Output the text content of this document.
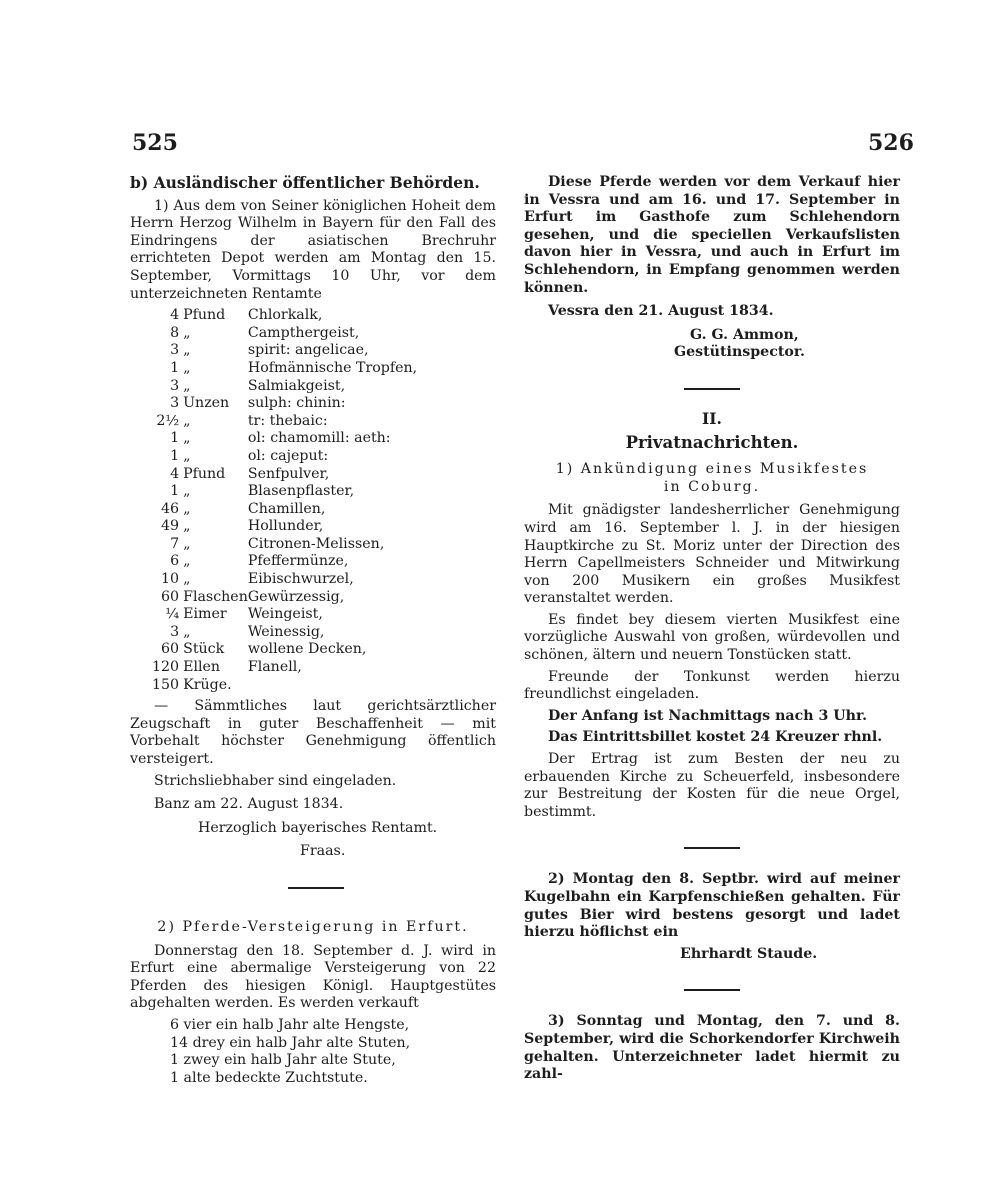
525	526

b) Ausländischer öffentlicher Behörden.

1) Aus dem von Seiner königlichen Hoheit dem Herrn Herzog Wilhelm in Bayern für den Fall des Eindringens der asiatischen Brechruhr errichteten Depot werden am Montag den 15. September, Vormittags 10 Uhr, vor dem unterzeichneten Rentamte

4	Pfund	Chlorkalk,
8	„	Campthergeist,
3	„	spirit: angelicae,
1	„	Hofmännische Tropfen,
3	„	Salmiakgeist,
3	Unzen	sulph: chinin:
2½	„	tr: thebaic:
1	„	ol: chamomill: aeth:
1	„	ol: cajeput:
4	Pfund	Senfpulver,
1	„	Blasenpflaster,
46	„	Chamillen,
49	„	Hollunder,
7	„	Citronen-Melissen,
6	„	Pfeffermünze,
10	„	Eibischwurzel,
60	Flaschen	Gewürzessig,
¼	Eimer	Weingeist,
3	„	Weinessig,
60	Stück	wollene Decken,
120	Ellen	Flanell,
150	Krüge.	

— Sämmtliches laut gerichtsärztlicher Zeugschaft in guter Beschaffenheit — mit Vorbehalt höchster Genehmigung öffentlich versteigert.

Strichsliebhaber sind eingeladen.

Banz am 22. August 1834.

Herzoglich bayerisches Rentamt.

Fraas.

2) Pferde-Versteigerung in Erfurt.

Donnerstag den 18. September d. J. wird in Erfurt eine abermalige Versteigerung von 22 Pferden des hiesigen Königl. Hauptgestütes abgehalten werden. Es werden verkauft

6 vier ein halb Jahr alte Hengste,
14 drey ein halb Jahr alte Stuten,
1 zwey ein halb Jahr alte Stute,
1 alte bedeckte Zuchtstute.

Diese Pferde werden vor dem Verkauf hier in Vessra und am 16. und 17. September in Erfurt im Gasthofe zum Schlehendorn gesehen, und die speciellen Verkaufslisten davon hier in Vessra, und auch in Erfurt im Schlehendorn, in Empfang genommen werden können.

Vessra den 21. August 1834.

G. G. Ammon,

Gestütinspector.

II.

Privatnachrichten.

1) Ankündigung eines Musikfestes in Coburg.

Mit gnädigster landesherrlicher Genehmigung wird am 16. September l. J. in der hiesigen Hauptkirche zu St. Moriz unter der Direction des Herrn Capellmeisters Schneider und Mitwirkung von 200 Musikern ein großes Musikfest veranstaltet werden.

Es findet bey diesem vierten Musikfest eine vorzügliche Auswahl von großen, würdevollen und schönen, ältern und neuern Tonstücken statt.

Freunde der Tonkunst werden hierzu freundlichst eingeladen.

Der Anfang ist Nachmittags nach 3 Uhr.

Das Eintrittsbillet kostet 24 Kreuzer rhnl.

Der Ertrag ist zum Besten der neu zu erbauenden Kirche zu Scheuerfeld, insbesondere zur Bestreitung der Kosten für die neue Orgel, bestimmt.

2) Montag den 8. Septbr. wird auf meiner Kugelbahn ein Karpfenschießen gehalten. Für gutes Bier wird bestens gesorgt und ladet hierzu höflichst ein

Ehrhardt Staude.

3) Sonntag und Montag, den 7. und 8. September, wird die Schorkendorfer Kirchweih gehalten. Unterzeichneter ladet hiermit zu zahl-
